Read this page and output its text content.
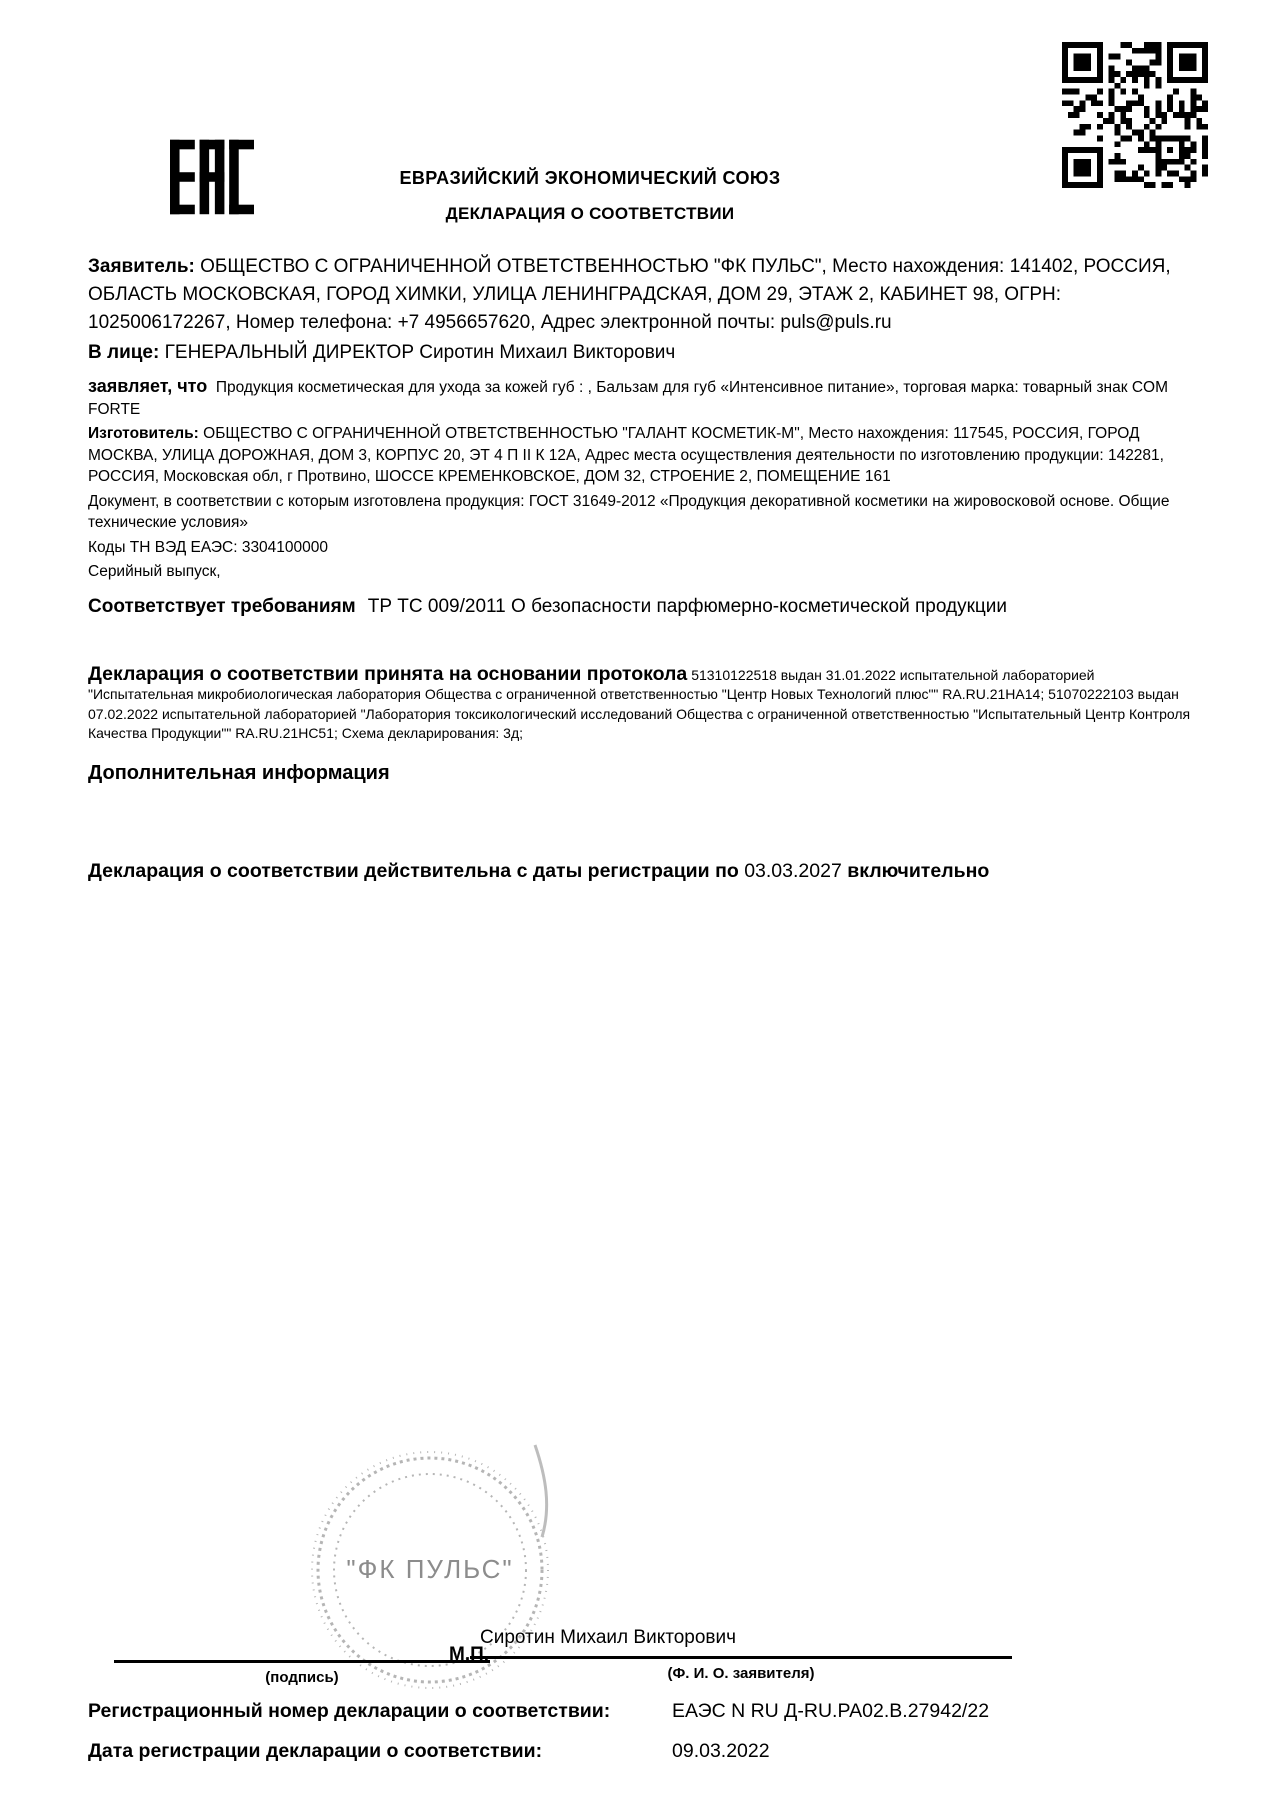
ЕВРАЗИЙСКИЙ ЭКОНОМИЧЕСКИЙ СОЮЗ
ДЕКЛАРАЦИЯ О СООТВЕТСТВИИ

Заявитель: ОБЩЕСТВО С ОГРАНИЧЕННОЙ ОТВЕТСТВЕННОСТЬЮ "ФК ПУЛЬС", Место нахождения: 141402, РОССИЯ, ОБЛАСТЬ МОСКОВСКАЯ, ГОРОД ХИМКИ, УЛИЦА ЛЕНИНГРАДСКАЯ, ДОМ 29, ЭТАЖ 2, КАБИНЕТ 98, ОГРН: 1025006172267, Номер телефона: +7 4956657620, Адрес электронной почты: puls@puls.ru

В лице: ГЕНЕРАЛЬНЫЙ ДИРЕКТОР Сиротин Михаил Викторович

заявляет, что Продукция косметическая для ухода за кожей губ : , Бальзам для губ «Интенсивное питание», торговая марка: товарный знак COM FORTE

Изготовитель: ОБЩЕСТВО С ОГРАНИЧЕННОЙ ОТВЕТСТВЕННОСТЬЮ "ГАЛАНТ КОСМЕТИК-М", Место нахождения: 117545, РОССИЯ, ГОРОД МОСКВА, УЛИЦА ДОРОЖНАЯ, ДОМ 3, КОРПУС 20, ЭТ 4 П II К 12А, Адрес места осуществления деятельности по изготовлению продукции: 142281, РОССИЯ, Московская обл, г Протвино, ШОССЕ КРЕМЕНКОВСКОЕ, ДОМ 32, СТРОЕНИЕ 2, ПОМЕЩЕНИЕ 161

Документ, в соответствии с которым изготовлена продукция: ГОСТ 31649-2012 «Продукция декоративной косметики на жировосковой основе. Общие технические условия»

Коды ТН ВЭД ЕАЭС: 3304100000

Серийный выпуск,

Соответствует требованиям ТР ТС 009/2011 О безопасности парфюмерно-косметической продукции

Декларация о соответствии принята на основании протокола 51310122518 выдан 31.01.2022 испытательной лабораторией "Испытательная микробиологическая лаборатория Общества с ограниченной ответственностью "Центр Новых Технологий плюс"" RA.RU.21НА14; 51070222103 выдан 07.02.2022 испытательной лабораторией "Лаборатория токсикологический исследований Общества с ограниченной ответственностью "Испытательный Центр Контроля Качества Продукции"" RA.RU.21НС51; Схема декларирования: 3д;

Дополнительная информация

Декларация о соответствии действительна с даты регистрации по 03.03.2027 включительно

"ФК ПУЛЬС"
М.П.
Сиротин Михаил Викторович
(подпись)	(Ф. И. О. заявителя)
Регистрационный номер декларации о соответствии:	ЕАЭС N RU Д-RU.РА02.В.27942/22
Дата регистрации декларации о соответствии:	09.03.2022
